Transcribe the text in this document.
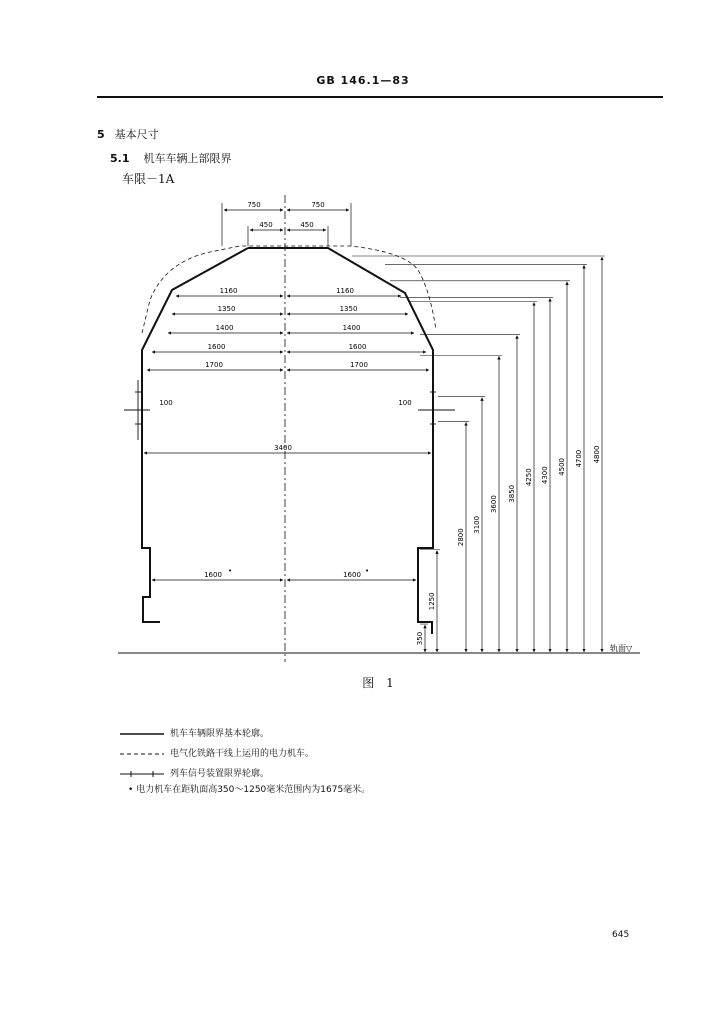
GB 146.1—83
5 基本尺寸
5.1 机车车辆上部限界
车限－1A
750	750
450	450
1160	1160
1350	1350
1400	1400
1600	1600
1700	1700
100	100
3400
1600	1600
•	•
350
1250
2800
3100
3600
3850
4250 4300 4500 4700 4800
轨面▽
图 1
机车车辆限界基本轮廓。
电气化铁路干线上运用的电力机车。
列车信号装置限界轮廓。
• 电力机车在距轨面高350～1250毫米范围内为1675毫米。
645
